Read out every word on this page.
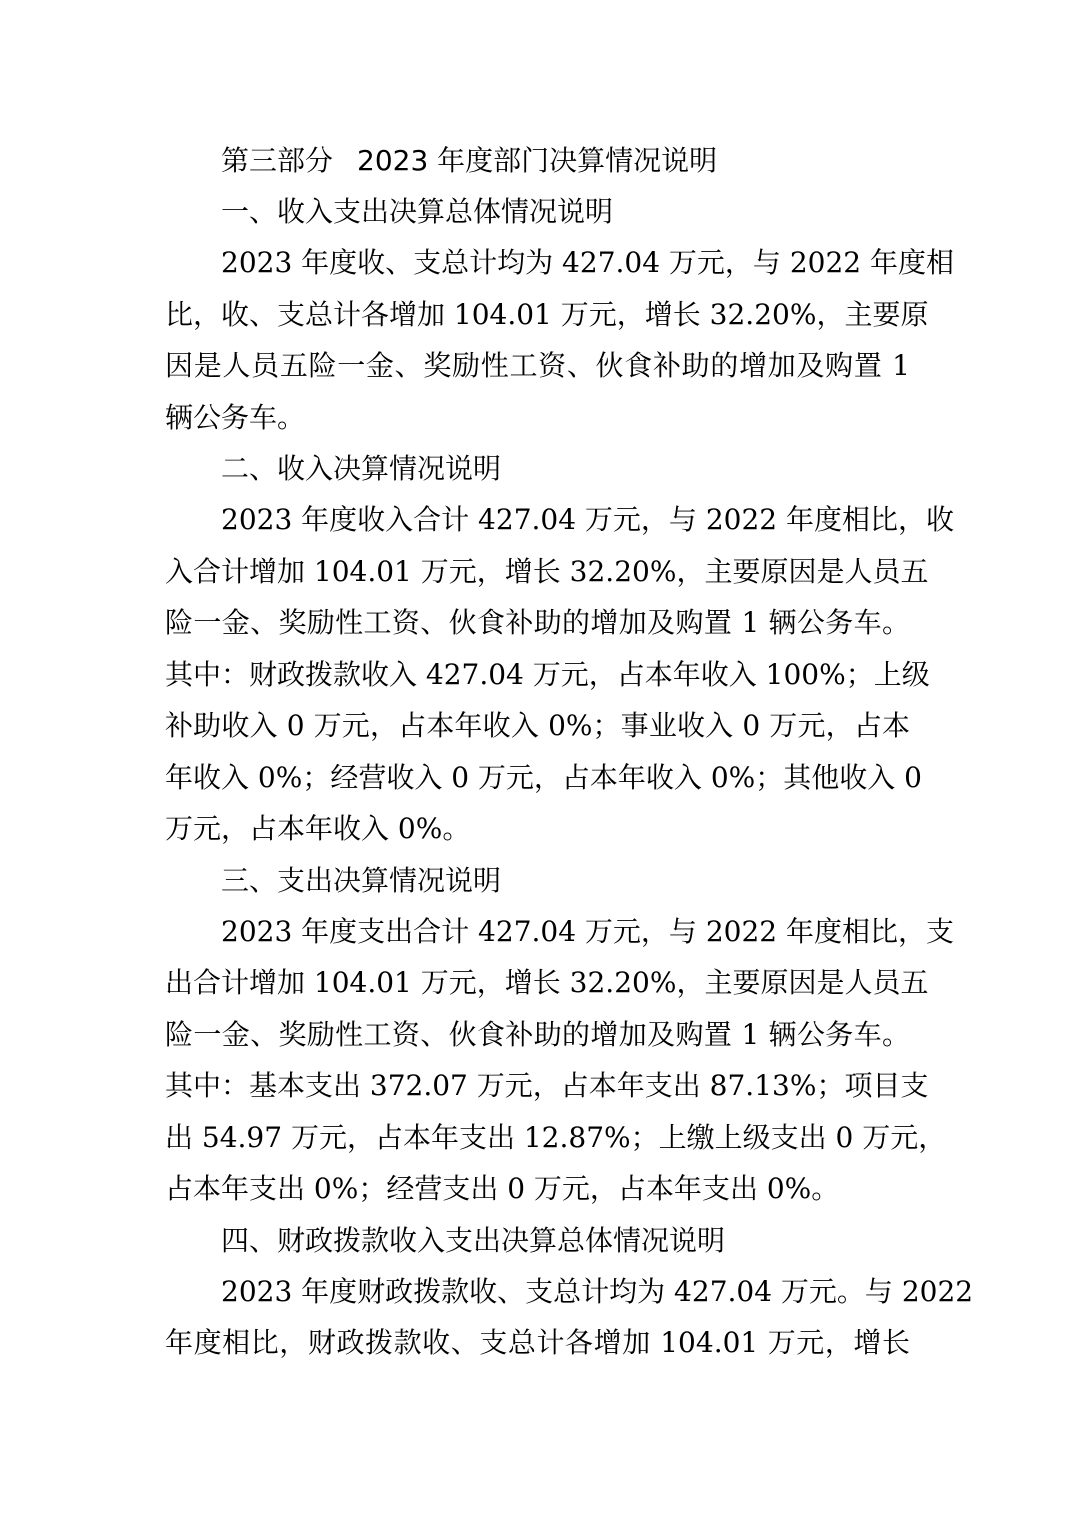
第三部分 2023 年度部门决算情况说明
一、收入支出决算总体情况说明
2023 年度收、支总计均为 427.04 万元，与 2022 年度相
比，收、支总计各增加 104.01 万元，增长 32.20%，主要原
因是人员五险一金、奖励性工资、伙食补助的增加及购置 1
辆公务车。
二、收入决算情况说明
2023 年度收入合计 427.04 万元，与 2022 年度相比，收
入合计增加 104.01 万元，增长 32.20%，主要原因是人员五
险一金、奖励性工资、伙食补助的增加及购置 1 辆公务车。
其中：财政拨款收入 427.04 万元，占本年收入 100%；上级
补助收入 0 万元，占本年收入 0%；事业收入 0 万元，占本
年收入 0%；经营收入 0 万元，占本年收入 0%；其他收入 0
万元，占本年收入 0%。
三、支出决算情况说明
2023 年度支出合计 427.04 万元，与 2022 年度相比，支
出合计增加 104.01 万元，增长 32.20%，主要原因是人员五
险一金、奖励性工资、伙食补助的增加及购置 1 辆公务车。
其中：基本支出 372.07 万元，占本年支出 87.13%；项目支
出 54.97 万元，占本年支出 12.87%；上缴上级支出 0 万元，
占本年支出 0%；经营支出 0 万元，占本年支出 0%。
四、财政拨款收入支出决算总体情况说明
2023 年度财政拨款收、支总计均为 427.04 万元。与 2022
年度相比，财政拨款收、支总计各增加 104.01 万元，增长
